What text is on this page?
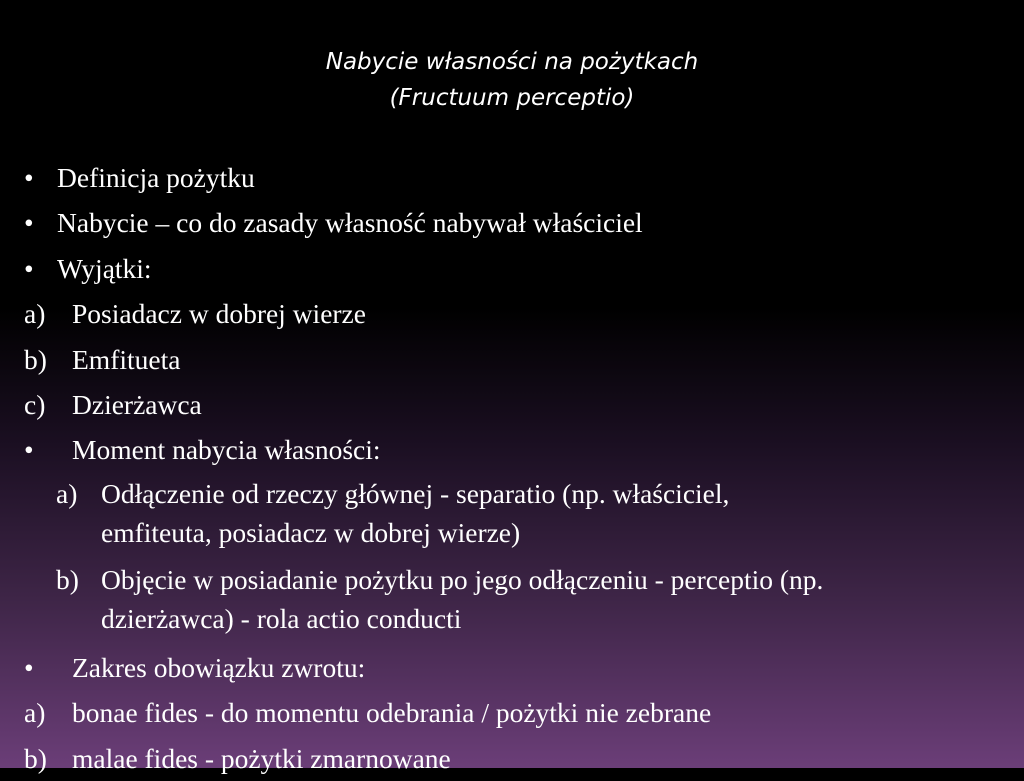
Nabycie własności na pożytkach
(Fructuum perceptio)
• Definicja pożytku
• Nabycie – co do zasady własność nabywał właściciel
• Wyjątki:
a) Posiadacz w dobrej wierze
b) Emfitueta
c) Dzierżawca
• Moment nabycia własności:
a) Odłączenie od rzeczy głównej - separatio (np. właściciel,
emfiteuta, posiadacz w dobrej wierze)
b) Objęcie w posiadanie pożytku po jego odłączeniu - perceptio (np.
dzierżawca) - rola actio conducti
• Zakres obowiązku zwrotu:
a) bonae fides - do momentu odebrania / pożytki nie zebrane
b) malae fides - pożytki zmarnowane
